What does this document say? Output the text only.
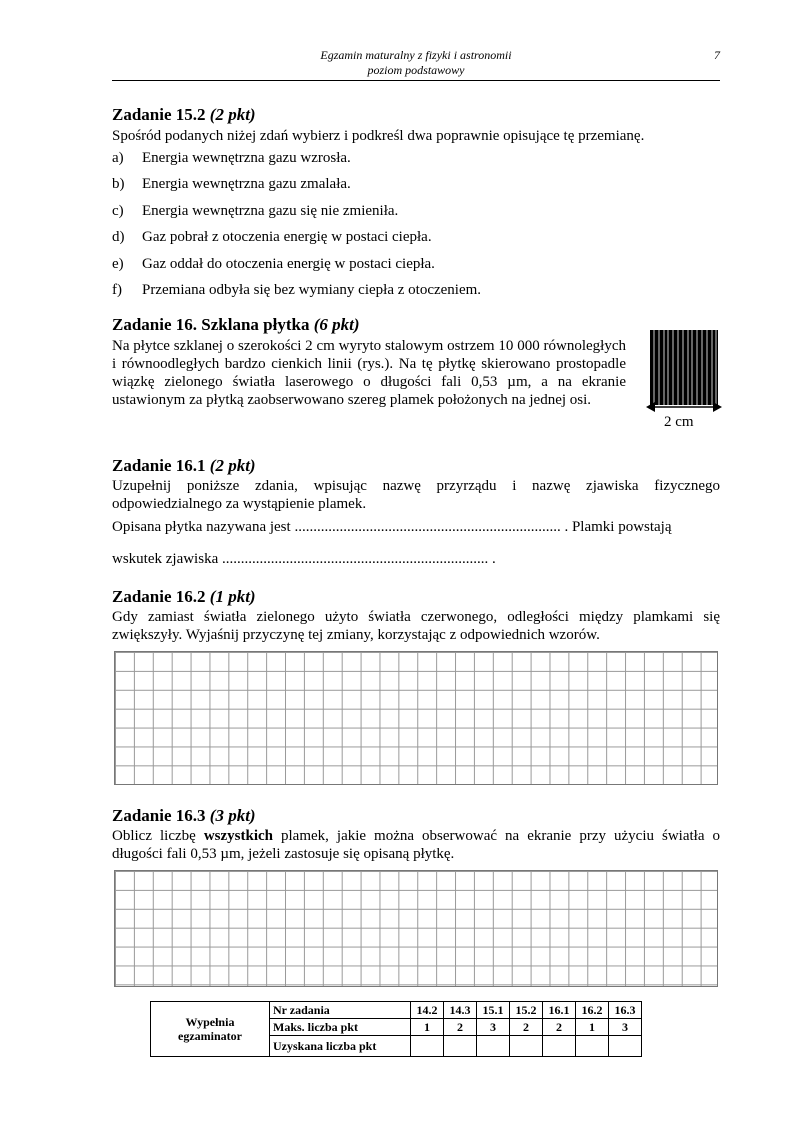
Egzamin maturalny z fizyki i astronomii
poziom podstawowy
7
Zadanie 15.2 (2 pkt)
Spośród podanych niżej zdań wybierz i podkreśl dwa poprawnie opisujące tę przemianę.
a) Energia wewnętrzna gazu wzrosła.
b) Energia wewnętrzna gazu zmalała.
c) Energia wewnętrzna gazu się nie zmieniła.
d) Gaz pobrał z otoczenia energię w postaci ciepła.
e) Gaz oddał do otoczenia energię w postaci ciepła.
f) Przemiana odbyła się bez wymiany ciepła z otoczeniem.
Zadanie 16. Szklana płytka (6 pkt)
Na płytce szklanej o szerokości 2 cm wyryto stalowym ostrzem 10 000 równoległych i równoodległych bardzo cienkich linii (rys.). Na tę płytkę skierowano prostopadle wiązkę zielonego światła laserowego o długości fali 0,53 µm, a na ekranie ustawionym za płytką zaobserwowano szereg plamek położonych na jednej osi.
2 cm
Zadanie 16.1 (2 pkt)
Uzupełnij poniższe zdania, wpisując nazwę przyrządu i nazwę zjawiska fizycznego odpowiedzialnego za wystąpienie plamek.
Opisana płytka nazywana jest ....................................................................... . Plamki powstają
wskutek zjawiska ....................................................................... .
Zadanie 16.2 (1 pkt)
Gdy zamiast światła zielonego użyto światła czerwonego, odległości między plamkami się zwiększyły. Wyjaśnij przyczynę tej zmiany, korzystając z odpowiednich wzorów.
Zadanie 16.3 (3 pkt)
Oblicz liczbę wszystkich plamek, jakie można obserwować na ekranie przy użyciu światła o długości fali 0,53 µm, jeżeli zastosuje się opisaną płytkę.
Wypełnia
egzaminator	Nr zadania	14.2	14.3	15.1	15.2	16.1	16.2	16.3
	Maks. liczba pkt	1	2	3	2	2	1	3
	Uzyskana liczba pkt							
